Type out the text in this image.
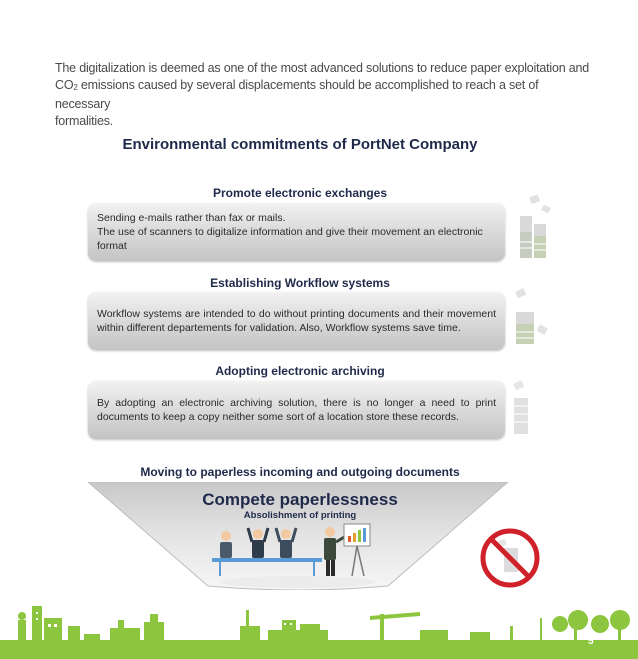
The digitalization is deemed as one of the most advanced solutions to reduce paper exploitation and
$CO_2$ emissions caused by several displacements should be accomplished to reach a set of necessary
formalities.
Environmental commitments of PortNet Company
Promote electronic exchanges
Sending e-mails rather than fax or mails.
The use of scanners to digitalize information and give their movement an electronic format
Establishing Workflow systems
Workflow systems are intended to do without printing documents and their movement within different departements for validation. Also, Workflow systems save time.
Adopting electronic archiving
By adopting an electronic archiving solution, there is no longer a need to print documents to keep a copy neither some sort of a location store these records.
Moving to paperless incoming and outgoing documents
Compete paperlessness
Absolishment of printing
5
